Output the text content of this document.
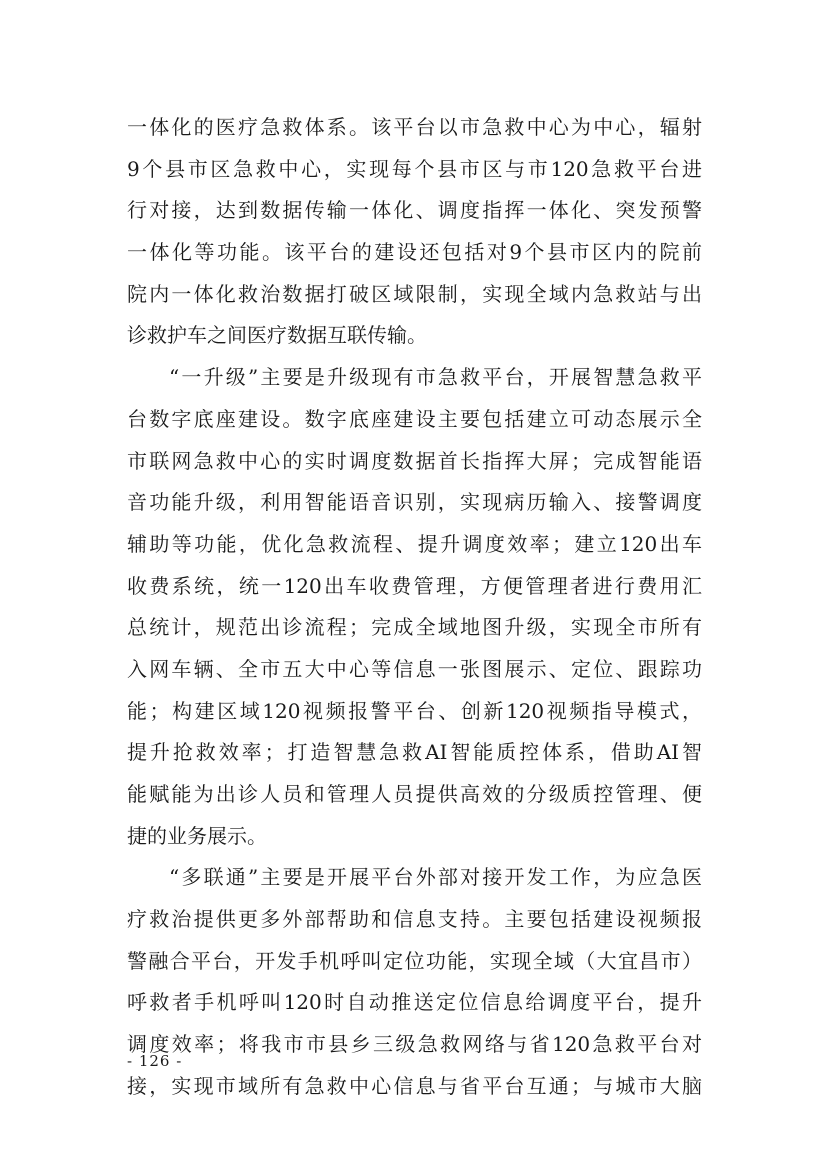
一体化的医疗急救体系。该平台以市急救中心为中心，辐射
9个县市区急救中心，实现每个县市区与市120急救平台进
行对接，达到数据传输一体化、调度指挥一体化、突发预警
一体化等功能。该平台的建设还包括对9个县市区内的院前
院内一体化救治数据打破区域限制，实现全域内急救站与出
诊救护车之间医疗数据互联传输。
“一升级”主要是升级现有市急救平台，开展智慧急救平
台数字底座建设。数字底座建设主要包括建立可动态展示全
市联网急救中心的实时调度数据首长指挥大屏；完成智能语
音功能升级，利用智能语音识别，实现病历输入、接警调度
辅助等功能，优化急救流程、提升调度效率；建立120出车
收费系统，统一120出车收费管理，方便管理者进行费用汇
总统计，规范出诊流程；完成全域地图升级，实现全市所有
入网车辆、全市五大中心等信息一张图展示、定位、跟踪功
能；构建区域120视频报警平台、创新120视频指导模式，
提升抢救效率；打造智慧急救AI智能质控体系，借助AI智
能赋能为出诊人员和管理人员提供高效的分级质控管理、便
捷的业务展示。
“多联通”主要是开展平台外部对接开发工作，为应急医
疗救治提供更多外部帮助和信息支持。主要包括建设视频报
警融合平台，开发手机呼叫定位功能，实现全域（大宜昌市）
呼救者手机呼叫120时自动推送定位信息给调度平台，提升
调度效率；将我市市县乡三级急救网络与省120急救平台对
接，实现市域所有急救中心信息与省平台互通；与城市大脑
- 126 -
